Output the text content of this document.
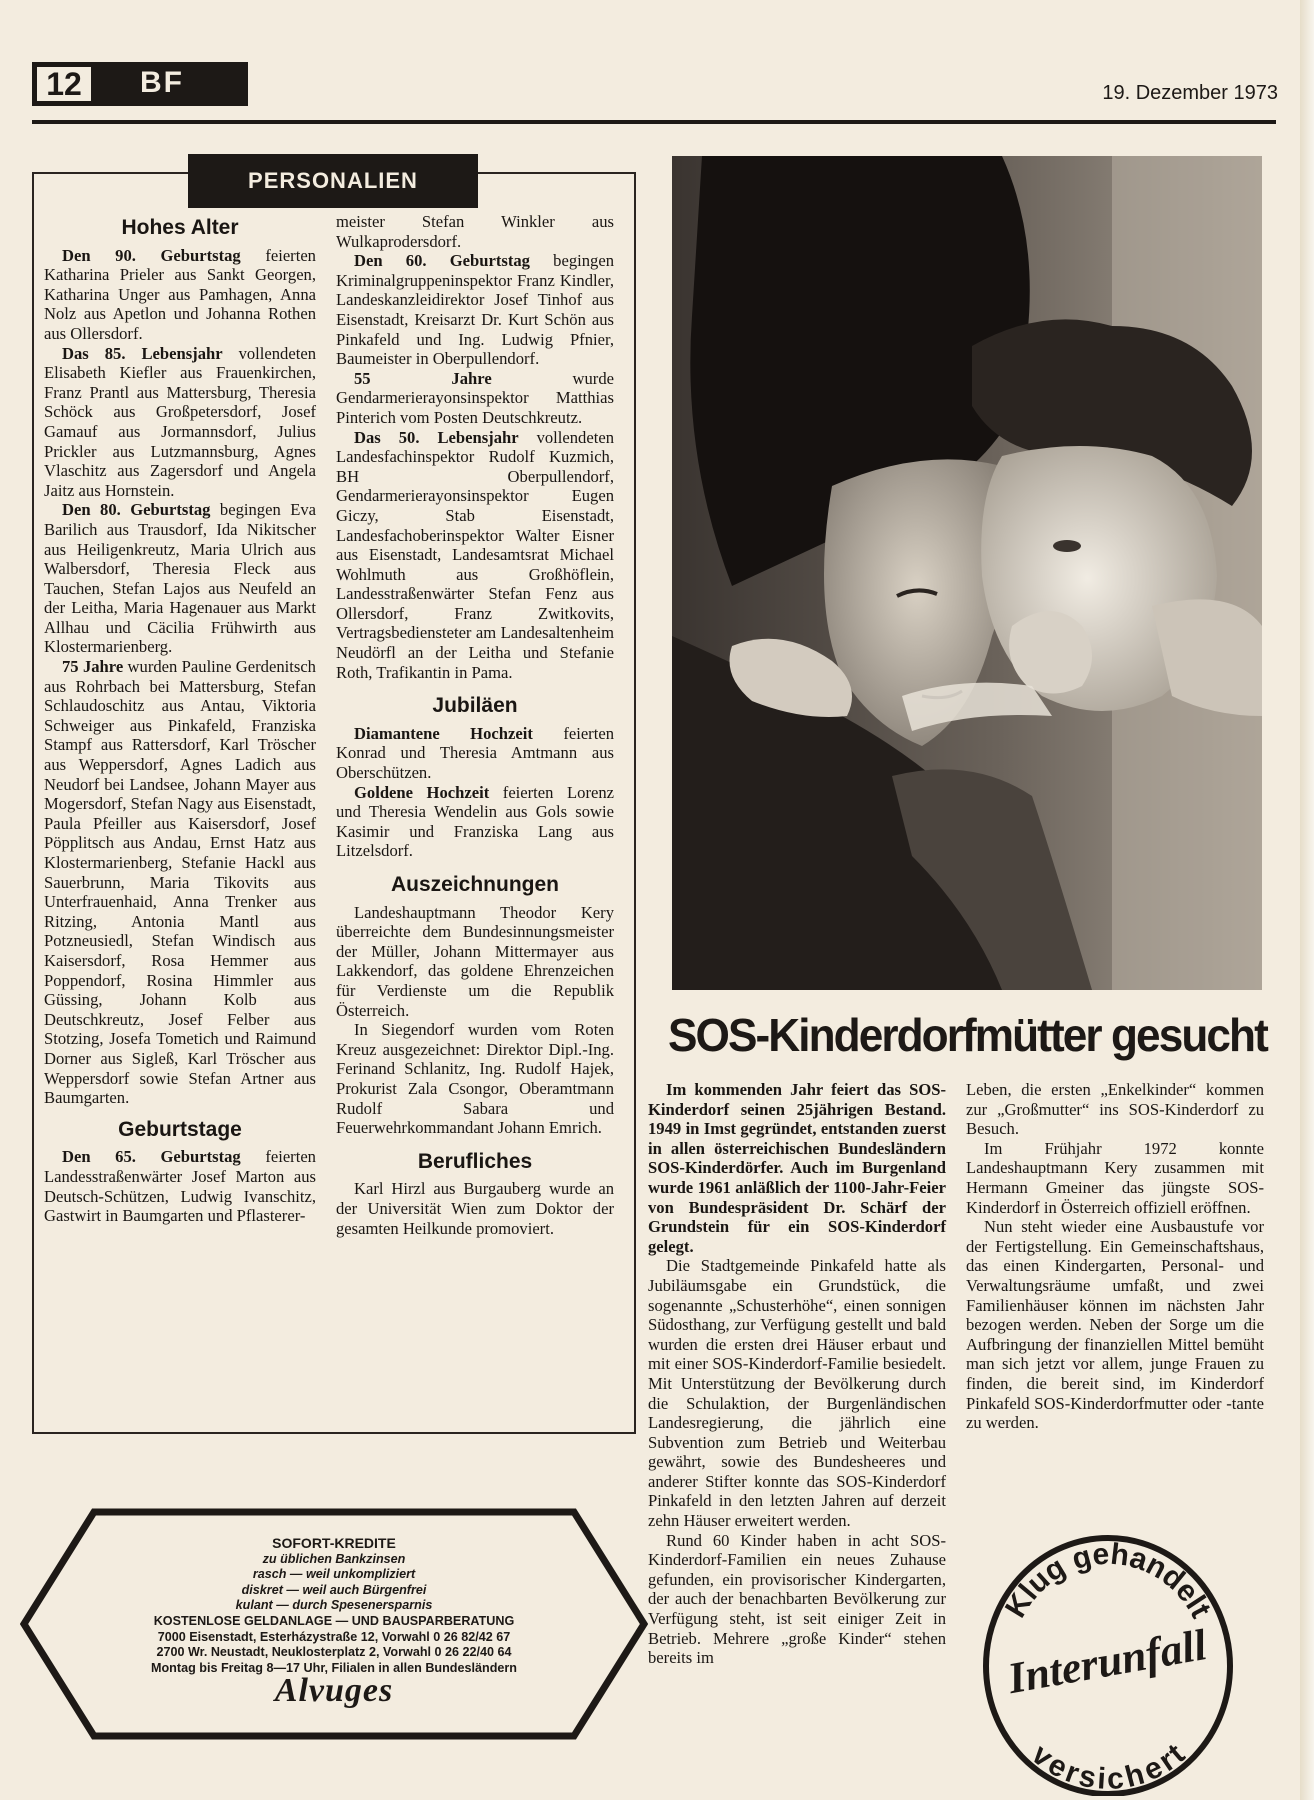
12	BF	19. Dezember 1973
PERSONALIEN
Hohes Alter

Den 90. Geburtstag feierten Katharina Prieler aus Sankt Georgen, Katharina Unger aus Pamhagen, Anna Nolz aus Apetlon und Johanna Rothen aus Ollersdorf.

Das 85. Lebensjahr vollendeten Elisabeth Kiefler aus Frauenkirchen, Franz Prantl aus Mattersburg, Theresia Schöck aus Großpetersdorf, Josef Gamauf aus Jormannsdorf, Julius Prickler aus Lutzmannsburg, Agnes Vlaschitz aus Zagersdorf und Angela Jaitz aus Hornstein.

Den 80. Geburtstag begingen Eva Barilich aus Trausdorf, Ida Nikitscher aus Heiligenkreutz, Maria Ulrich aus Walbersdorf, Theresia Fleck aus Tauchen, Stefan Lajos aus Neufeld an der Leitha, Maria Hagenauer aus Markt Allhau und Cäcilia Frühwirth aus Klostermarienberg.

75 Jahre wurden Pauline Gerdenitsch aus Rohrbach bei Mattersburg, Stefan Schlaudoschitz aus Antau, Viktoria Schweiger aus Pinkafeld, Franziska Stampf aus Rattersdorf, Karl Tröscher aus Weppersdorf, Agnes Ladich aus Neudorf bei Landsee, Johann Mayer aus Mogersdorf, Stefan Nagy aus Eisenstadt, Paula Pfeiller aus Kaisersdorf, Josef Pöpplitsch aus Andau, Ernst Hatz aus Klostermarienberg, Stefanie Hackl aus Sauerbrunn, Maria Tikovits aus Unterfrauenhaid, Anna Trenker aus Ritzing, Antonia Mantl aus Potzneusiedl, Stefan Windisch aus Kaisersdorf, Rosa Hemmer aus Poppendorf, Rosina Himmler aus Güssing, Johann Kolb aus Deutschkreutz, Josef Felber aus Stotzing, Josefa Tometich und Raimund Dorner aus Sigleß, Karl Tröscher aus Weppersdorf sowie Stefan Artner aus Baumgarten.

Geburtstage

Den 65. Geburtstag feierten Landesstraßenwärter Josef Marton aus Deutsch-Schützen, Ludwig Ivanschitz, Gastwirt in Baumgarten und Pflasterer-

meister Stefan Winkler aus Wulkaprodersdorf.

Den 60. Geburtstag begingen Kriminalgruppeninspektor Franz Kindler, Landeskanzleidirektor Josef Tinhof aus Eisenstadt, Kreisarzt Dr. Kurt Schön aus Pinkafeld und Ing. Ludwig Pfnier, Baumeister in Oberpullendorf.

55 Jahre wurde Gendarmerierayonsinspektor Matthias Pinterich vom Posten Deutschkreutz.

Das 50. Lebensjahr vollendeten Landesfachinspektor Rudolf Kuzmich, BH Oberpullendorf, Gendarmerierayonsinspektor Eugen Giczy, Stab Eisenstadt, Landesfachoberinspektor Walter Eisner aus Eisenstadt, Landesamtsrat Michael Wohlmuth aus Großhöflein, Landesstraßenwärter Stefan Fenz aus Ollersdorf, Franz Zwitkovits, Vertragsbediensteter am Landesaltenheim Neudörfl an der Leitha und Stefanie Roth, Trafikantin in Pama.

Jubiläen

Diamantene Hochzeit feierten Konrad und Theresia Amtmann aus Oberschützen.

Goldene Hochzeit feierten Lorenz und Theresia Wendelin aus Gols sowie Kasimir und Franziska Lang aus Litzelsdorf.

Auszeichnungen

Landeshauptmann Theodor Kery überreichte dem Bundesinnungsmeister der Müller, Johann Mittermayer aus Lakkendorf, das goldene Ehrenzeichen für Verdienste um die Republik Österreich.

In Siegendorf wurden vom Roten Kreuz ausgezeichnet: Direktor Dipl.-Ing. Ferinand Schlanitz, Ing. Rudolf Hajek, Prokurist Zala Csongor, Oberamtmann Rudolf Sabara und Feuerwehrkommandant Johann Emrich.

Berufliches

Karl Hirzl aus Burgauberg wurde an der Universität Wien zum Doktor der gesamten Heilkunde promoviert.

SOS-Kinderdorfmütter gesucht

Im kommenden Jahr feiert das SOS-Kinderdorf seinen 25jährigen Bestand. 1949 in Imst gegründet, entstanden zuerst in allen österreichischen Bundesländern SOS-Kinderdörfer. Auch im Burgenland wurde 1961 anläßlich der 1100-Jahr-Feier von Bundespräsident Dr. Schärf der Grundstein für ein SOS-Kinderdorf gelegt.

Die Stadtgemeinde Pinkafeld hatte als Jubiläumsgabe ein Grundstück, die sogenannte „Schusterhöhe“, einen sonnigen Südosthang, zur Verfügung gestellt und bald wurden die ersten drei Häuser erbaut und mit einer SOS-Kinderdorf-Familie besiedelt. Mit Unterstützung der Bevölkerung durch die Schulaktion, der Burgenländischen Landesregierung, die jährlich eine Subvention zum Betrieb und Weiterbau gewährt, sowie des Bundesheeres und anderer Stifter konnte das SOS-Kinderdorf Pinkafeld in den letzten Jahren auf derzeit zehn Häuser erweitert werden.

Rund 60 Kinder haben in acht SOS-Kinderdorf-Familien ein neues Zuhause gefunden, ein provisorischer Kindergarten, der auch der benachbarten Bevölkerung zur Verfügung steht, ist seit einiger Zeit in Betrieb. Mehrere „große Kinder“ stehen bereits im

Leben, die ersten „Enkelkinder“ kommen zur „Großmutter“ ins SOS-Kinderdorf zu Besuch.

Im Frühjahr 1972 konnte Landeshauptmann Kery zusammen mit Hermann Gmeiner das jüngste SOS-Kinderdorf in Österreich offiziell eröffnen.

Nun steht wieder eine Ausbaustufe vor der Fertigstellung. Ein Gemeinschaftshaus, das einen Kindergarten, Personal- und Verwaltungsräume umfaßt, und zwei Familienhäuser können im nächsten Jahr bezogen werden. Neben der Sorge um die Aufbringung der finanziellen Mittel bemüht man sich jetzt vor allem, junge Frauen zu finden, die bereit sind, im Kinderdorf Pinkafeld SOS-Kinderdorfmutter oder -tante zu werden.

SOFORT-KREDITE
zu üblichen Bankzinsen
rasch — weil unkompliziert
diskret — weil auch Bürgenfrei
kulant — durch Spesenersparnis
KOSTENLOSE GELDANLAGE — UND BAUSPARBERATUNG
7000 Eisenstadt, Esterházystraße 12, Vorwahl 0 26 82/42 67
2700 Wr. Neustadt, Neuklosterplatz 2, Vorwahl 0 26 22/40 64
Montag bis Freitag 8—17 Uhr, Filialen in allen Bundesländern
Alvuges
Klug gehandelt
Interunfall
versichert
